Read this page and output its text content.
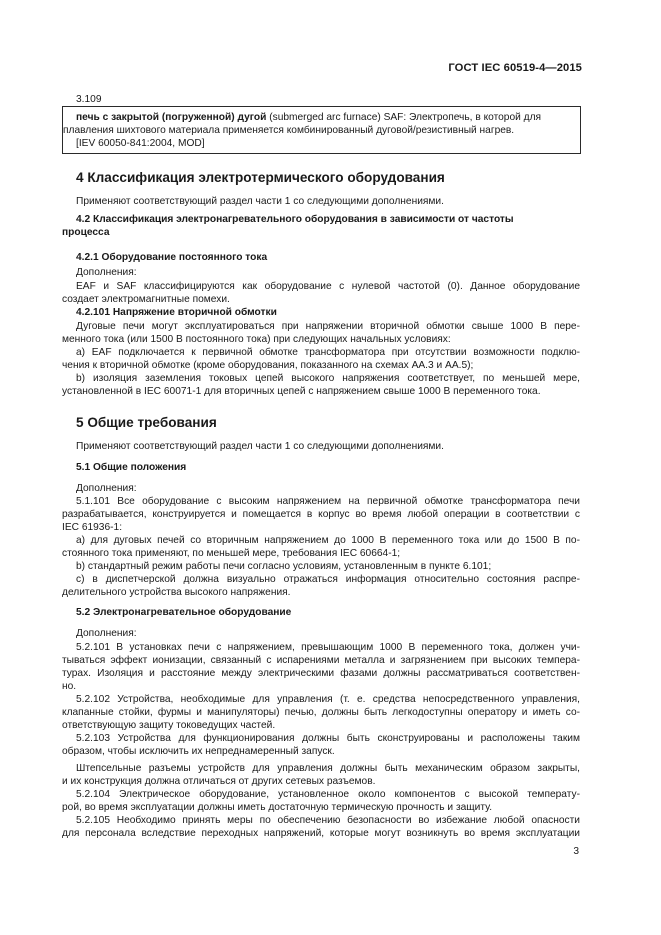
ГОСТ IEC 60519-4—2015
3.109
печь с закрытой (погруженной) дугой (submerged arc furnace) SAF: Электропечь, в которой для
плавления шихтового материала применяется комбинированный дуговой/резистивный нагрев.
[IEV 60050-841:2004, MOD]
4 Классификация электротермического оборудования
Применяют соответствующий раздел части 1 со следующими дополнениями.
4.2 Классификация электронагревательного оборудования в зависимости от частоты
процесса
4.2.1 Оборудование постоянного тока
Дополнения:
EAF и SAF классифицируются как оборудование с нулевой частотой (0). Данное оборудование
создает электромагнитные помехи.
4.2.101 Напряжение вторичной обмотки
Дуговые печи могут эксплуатироваться при напряжении вторичной обмотки свыше 1000 В пере-
менного тока (или 1500 В постоянного тока) при следующих начальных условиях:
а) EAF подключается к первичной обмотке трансформатора при отсутствии возможности подклю-
чения к вторичной обмотке (кроме оборудования, показанного на схемах АА.3 и АА.5);
b) изоляция заземления токовых цепей высокого напряжения соответствует, по меньшей мере,
установленной в IEC 60071-1 для вторичных цепей с напряжением свыше 1000 В переменного тока.
5 Общие требования
Применяют соответствующий раздел части 1 со следующими дополнениями.
5.1 Общие положения
Дополнения:
5.1.101 Все оборудование с высоким напряжением на первичной обмотке трансформатора печи
разрабатывается, конструируется и помещается в корпус во время любой операции в соответствии с
IEC 61936-1:
а) для дуговых печей со вторичным напряжением до 1000 В переменного тока или до 1500 В по-
стоянного тока применяют, по меньшей мере, требования IEC 60664-1;
b) стандартный режим работы печи согласно условиям, установленным в пункте 6.101;
с) в диспетчерской должна визуально отражаться информация относительно состояния распре-
делительного устройства высокого напряжения.
5.2 Электронагревательное оборудование
Дополнения:
5.2.101 В установках печи с напряжением, превышающим 1000 В переменного тока, должен учи-
тываться эффект ионизации, связанный с испарениями металла и загрязнением при высоких темпера-
турах. Изоляция и расстояние между электрическими фазами должны рассматриваться соответствен-
но.
5.2.102 Устройства, необходимые для управления (т. е. средства непосредственного управления,
клапанные стойки, фурмы и манипуляторы) печью, должны быть легкодоступны оператору и иметь со-
ответствующую защиту токоведущих частей.
5.2.103 Устройства для функционирования должны быть сконструированы и расположены таким
образом, чтобы исключить их непреднамеренный запуск.
Штепсельные разъемы устройств для управления должны быть механическим образом закрыты,
и их конструкция должна отличаться от других сетевых разъемов.
5.2.104 Электрическое оборудование, установленное около компонентов с высокой температу-
рой, во время эксплуатации должны иметь достаточную термическую прочность и защиту.
5.2.105 Необходимо принять меры по обеспечению безопасности во избежание любой опасности
для персонала вследствие переходных напряжений, которые могут возникнуть во время эксплуатации
3
